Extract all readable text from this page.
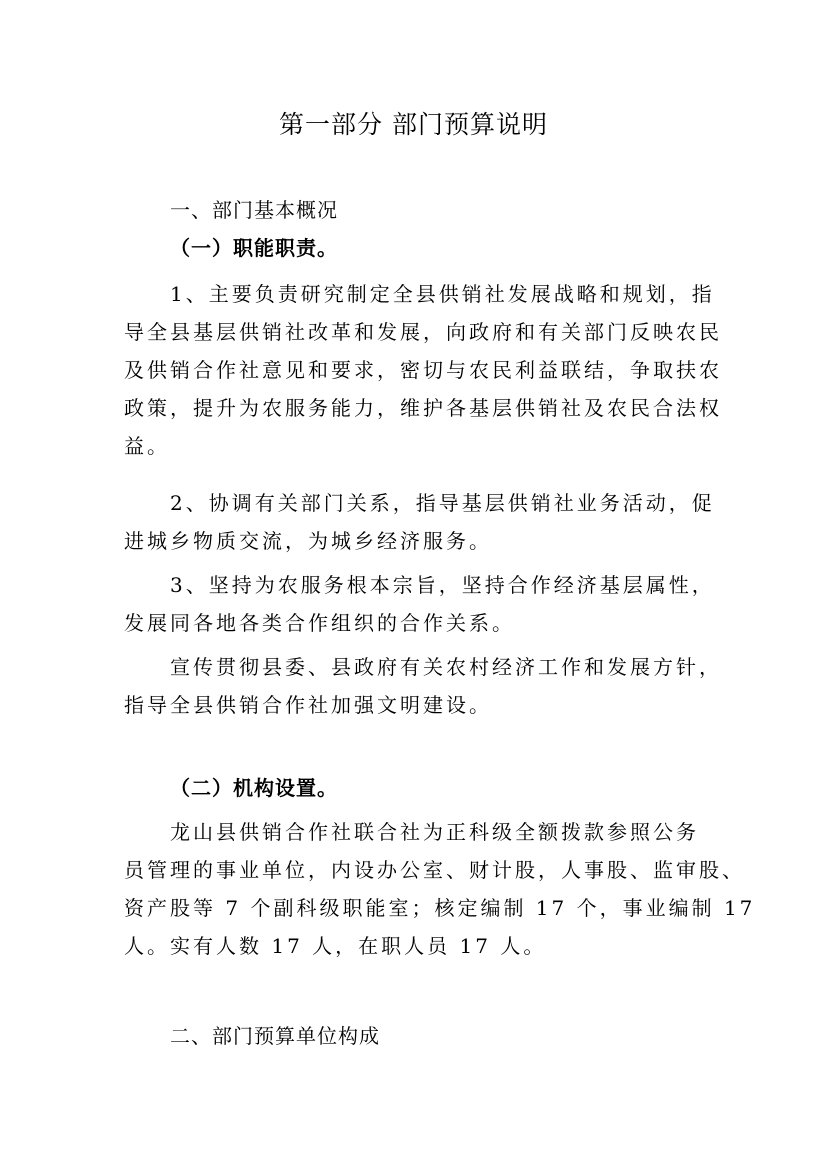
第一部分 部门预算说明
一、部门基本概况
（一）职能职责。
1、主要负责研究制定全县供销社发展战略和规划，指
导全县基层供销社改革和发展，向政府和有关部门反映农民
及供销合作社意见和要求，密切与农民利益联结，争取扶农
政策，提升为农服务能力，维护各基层供销社及农民合法权
益。
2、协调有关部门关系，指导基层供销社业务活动，促
进城乡物质交流，为城乡经济服务。
3、坚持为农服务根本宗旨，坚持合作经济基层属性，
发展同各地各类合作组织的合作关系。
宣传贯彻县委、县政府有关农村经济工作和发展方针，
指导全县供销合作社加强文明建设。
（二）机构设置。
龙山县供销合作社联合社为正科级全额拨款参照公务
员管理的事业单位，内设办公室、财计股，人事股、监审股、
资产股等 7 个副科级职能室；核定编制 17 个，事业编制 17
人。实有人数 17 人，在职人员 17 人。
二、部门预算单位构成
